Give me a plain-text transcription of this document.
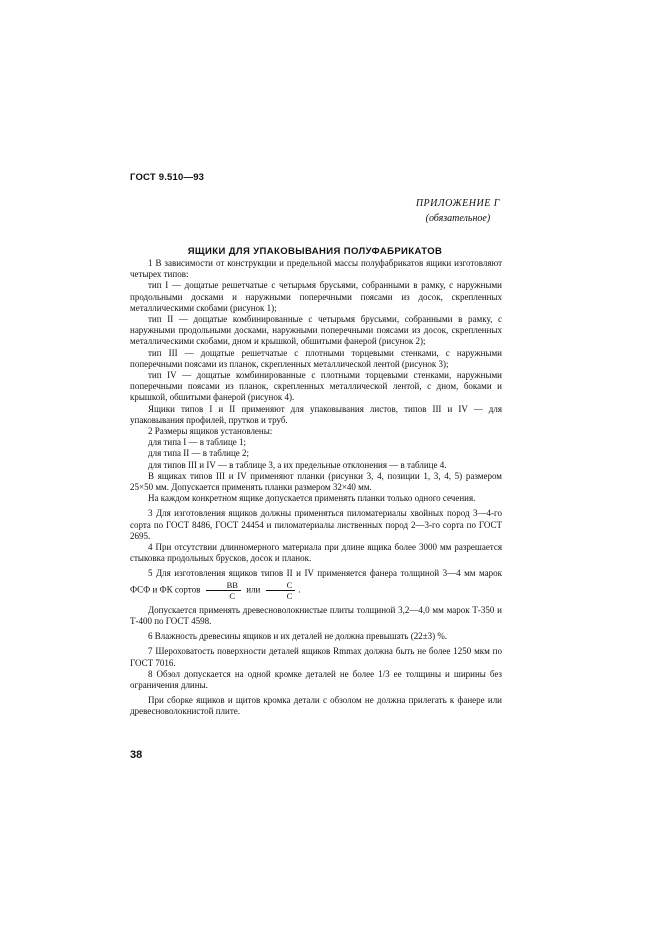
ГОСТ 9.510—93
ПРИЛОЖЕНИЕ Г
(обязательное)
ЯЩИКИ ДЛЯ УПАКОВЫВАНИЯ ПОЛУФАБРИКАТОВ

1 В зависимости от конструкции и предельной массы полуфабрикатов ящики изготовляют четырех типов:

тип I — дощатые решетчатые с четырьмя брусьями, собранными в рамку, с наружными продольными досками и наружными поперечными поясами из досок, скрепленных металлическими скобами (рисунок 1);

тип II — дощатые комбинированные с четырьмя брусьями, собранными в рамку, с наружными продольными досками, наружными поперечными поясами из досок, скрепленных металлическими скобами, дном и крышкой, обшитыми фанерой (рисунок 2);

тип III — дощатые решетчатые с плотными торцевыми стенками, с наружными поперечными поясами из планок, скрепленных металлической лентой (рисунок 3);

тип IV — дощатые комбинированные с плотными торцевыми стенками, наружными поперечными поясами из планок, скрепленных металлической лентой, с дном, боками и крышкой, обшитыми фанерой (рисунок 4).

Ящики типов I и II применяют для упаковывания листов, типов III и IV — для упаковывания профилей, прутков и труб.

2 Размеры ящиков установлены:

для типа I — в таблице 1;

для типа II — в таблице 2;

для типов III и IV — в таблице 3, а их предельные отклонения — в таблице 4.

В ящиках типов III и IV применяют планки (рисунки 3, 4, позиции 1, 3, 4, 5) размером 25×50 мм. Допускается применять планки размером 32×40 мм.

На каждом конкретном ящике допускается применять планки только одного сечения.

3 Для изготовления ящиков должны применяться пиломатериалы хвойных пород 3—4-го сорта по ГОСТ 8486, ГОСТ 24454 и пиломатериалы лиственных пород 2—3-го сорта по ГОСТ 2695.

4 При отсутствии длинномерного материала при длине ящика более 3000 мм разрешается стыковка продольных брусков, досок и планок.

5 Для изготовления ящиков типов II и IV применяется фанера толщиной 3—4 мм марок ФСФ и ФК сортов $\frac{BB}{C}$ или $\frac{C}{C}$ .

Допускается применять древесноволокнистые плиты толщиной 3,2—4,0 мм марок Т-350 и Т-400 по ГОСТ 4598.

6 Влажность древесины ящиков и их деталей не должна превышать (22±3) %.

7 Шероховатость поверхности деталей ящиков Rmmax должна быть не более 1250 мкм по ГОСТ 7016.

8 Обзол допускается на одной кромке деталей не более 1/3 ее толщины и ширины без ограничения длины.

При сборке ящиков и щитов кромка детали с обзолом не должна прилегать к фанере или древесноволокнистой плите.

38
